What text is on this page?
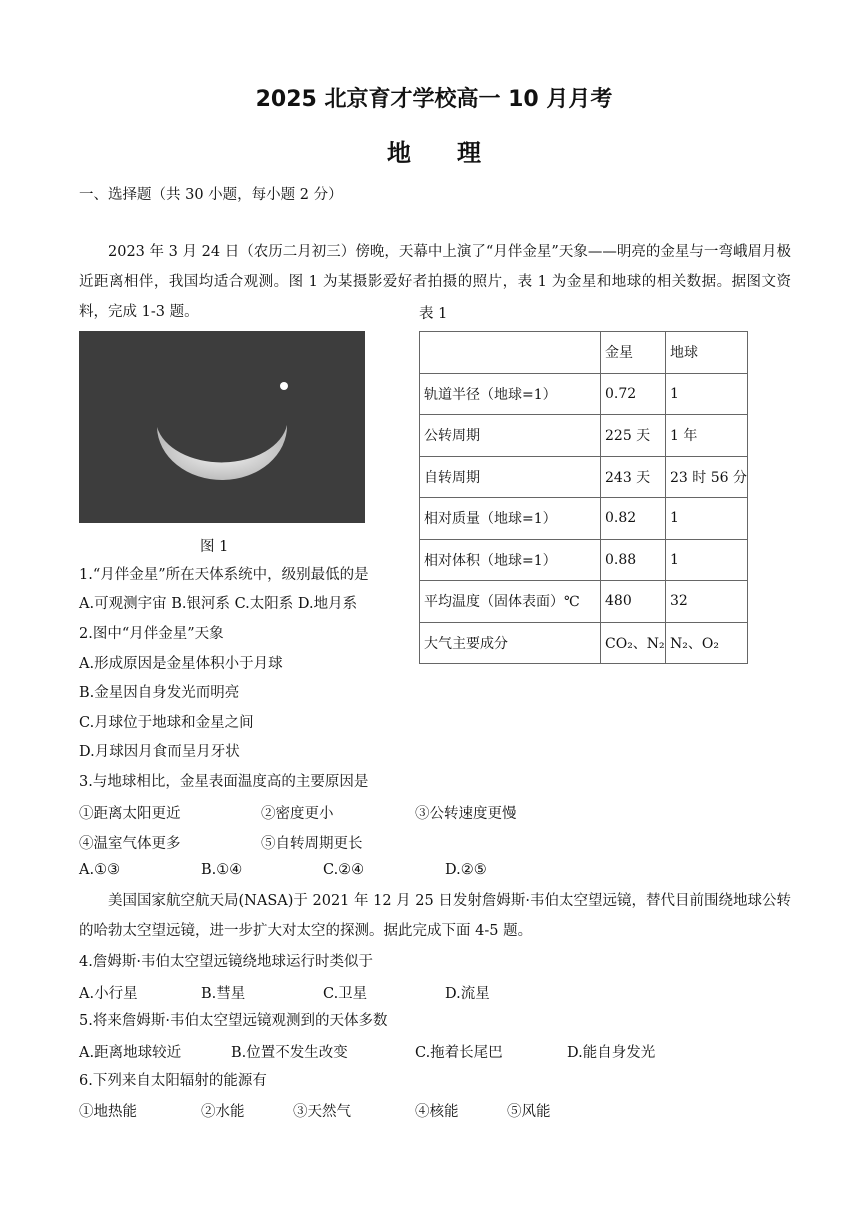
2025 北京育才学校高一 10 月月考
地理
一、选择题（共 30 小题，每小题 2 分）
2023 年 3 月 24 日（农历二月初三）傍晚，天幕中上演了“月伴金星”天象——明亮的金星与一弯峨眉月极近距离相伴，我国均适合观测。图 1 为某摄影爱好者拍摄的照片，表 1 为金星和地球的相关数据。据图文资料，完成 1-3 题。	表 1
图 1
	金星	地球
轨道半径（地球=1）	0.72	1
公转周期	225 天	1 年
自转周期	243 天	23 时 56 分
相对质量（地球=1）	0.82	1
相对体积（地球=1）	0.88	1
平均温度（固体表面）℃	480	32
大气主要成分	CO₂、N₂	N₂、O₂
1.“月伴金星”所在天体系统中，级别最低的是
A.可观测宇宙 B.银河系 C.太阳系 D.地月系
2.图中“月伴金星”天象
A.形成原因是金星体积小于月球
B.金星因自身发光而明亮
C.月球位于地球和金星之间
D.月球因月食而呈月牙状
3.与地球相比，金星表面温度高的主要原因是
①距离太阳更近	②密度更小	③公转速度更慢
④温室气体更多	⑤自转周期更长
A.①③	B.①④	C.②④	D.②⑤
美国国家航空航天局(NASA)于 2021 年 12 月 25 日发射詹姆斯·韦伯太空望远镜，替代目前围绕地球公转的哈勃太空望远镜，进一步扩大对太空的探测。据此完成下面 4-5 题。
4.詹姆斯·韦伯太空望远镜绕地球运行时类似于
A.小行星	B.彗星	C.卫星	D.流星
5.将来詹姆斯·韦伯太空望远镜观测到的天体多数
A.距离地球较近	B.位置不发生改变	C.拖着长尾巴	D.能自身发光
6.下列来自太阳辐射的能源有
①地热能	②水能	③天然气	④核能	⑤风能
